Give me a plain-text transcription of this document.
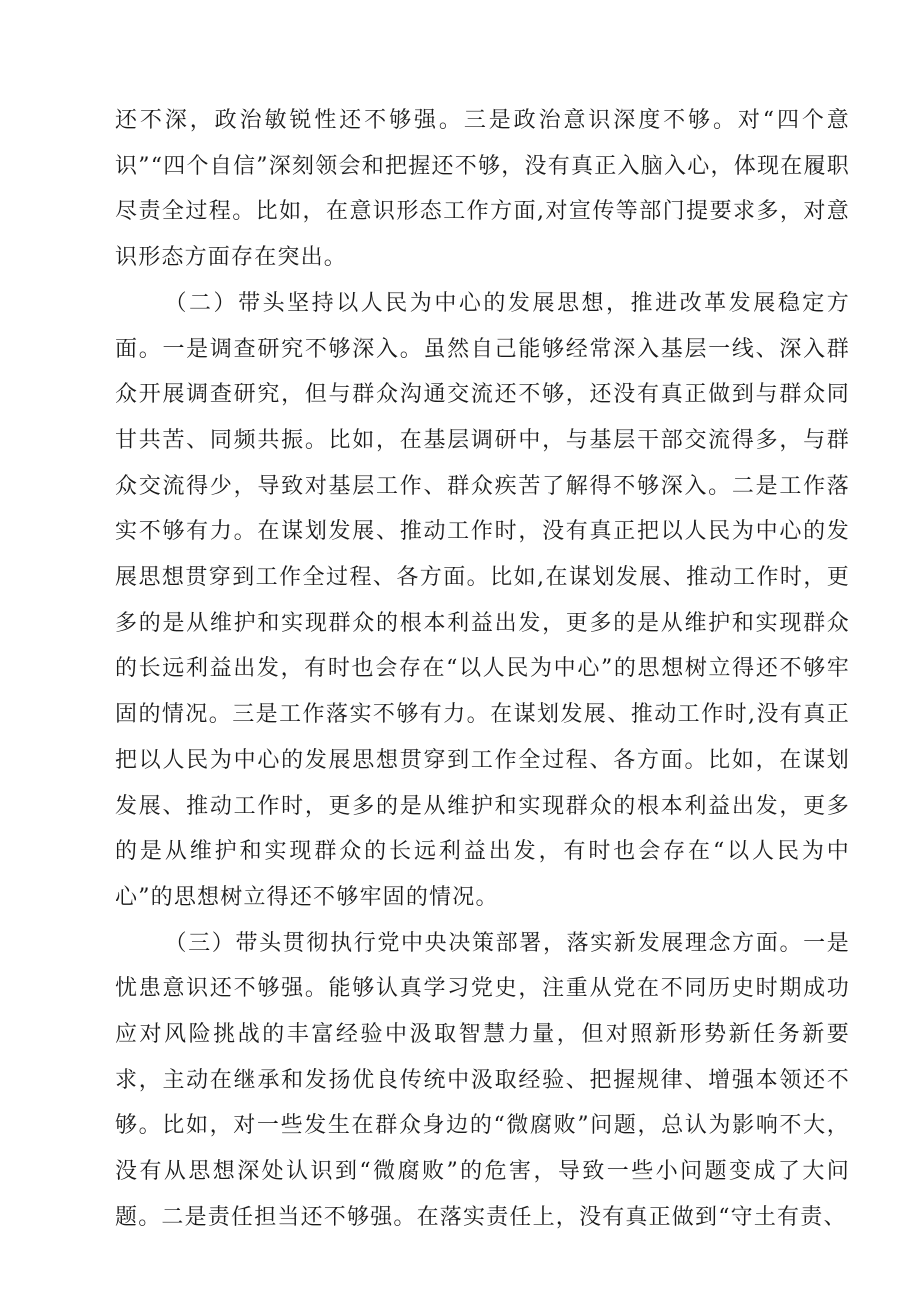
还不深，政治敏锐性还不够强。三是政治意识深度不够。对“四个意识”“四个自信”深刻领会和把握还不够，没有真正入脑入心，体现在履职尽责全过程。比如，在意识形态工作方面,对宣传等部门提要求多，对意识形态方面存在突出。

（二）带头坚持以人民为中心的发展思想，推进改革发展稳定方面。一是调查研究不够深入。虽然自己能够经常深入基层一线、深入群众开展调查研究，但与群众沟通交流还不够，还没有真正做到与群众同甘共苦、同频共振。比如，在基层调研中，与基层干部交流得多，与群众交流得少，导致对基层工作、群众疾苦了解得不够深入。二是工作落实不够有力。在谋划发展、推动工作时，没有真正把以人民为中心的发展思想贯穿到工作全过程、各方面。比如,在谋划发展、推动工作时，更多的是从维护和实现群众的根本利益出发，更多的是从维护和实现群众的长远利益出发，有时也会存在“以人民为中心”的思想树立得还不够牢固的情况。三是工作落实不够有力。在谋划发展、推动工作时,没有真正把以人民为中心的发展思想贯穿到工作全过程、各方面。比如，在谋划发展、推动工作时，更多的是从维护和实现群众的根本利益出发，更多的是从维护和实现群众的长远利益出发，有时也会存在“以人民为中心”的思想树立得还不够牢固的情况。

（三）带头贯彻执行党中央决策部署，落实新发展理念方面。一是忧患意识还不够强。能够认真学习党史，注重从党在不同历史时期成功应对风险挑战的丰富经验中汲取智慧力量，但对照新形势新任务新要求，主动在继承和发扬优良传统中汲取经验、把握规律、增强本领还不够。比如，对一些发生在群众身边的“微腐败”问题，总认为影响不大，没有从思想深处认识到“微腐败”的危害，导致一些小问题变成了大问题。二是责任担当还不够强。在落实责任上，没有真正做到“守土有责、
